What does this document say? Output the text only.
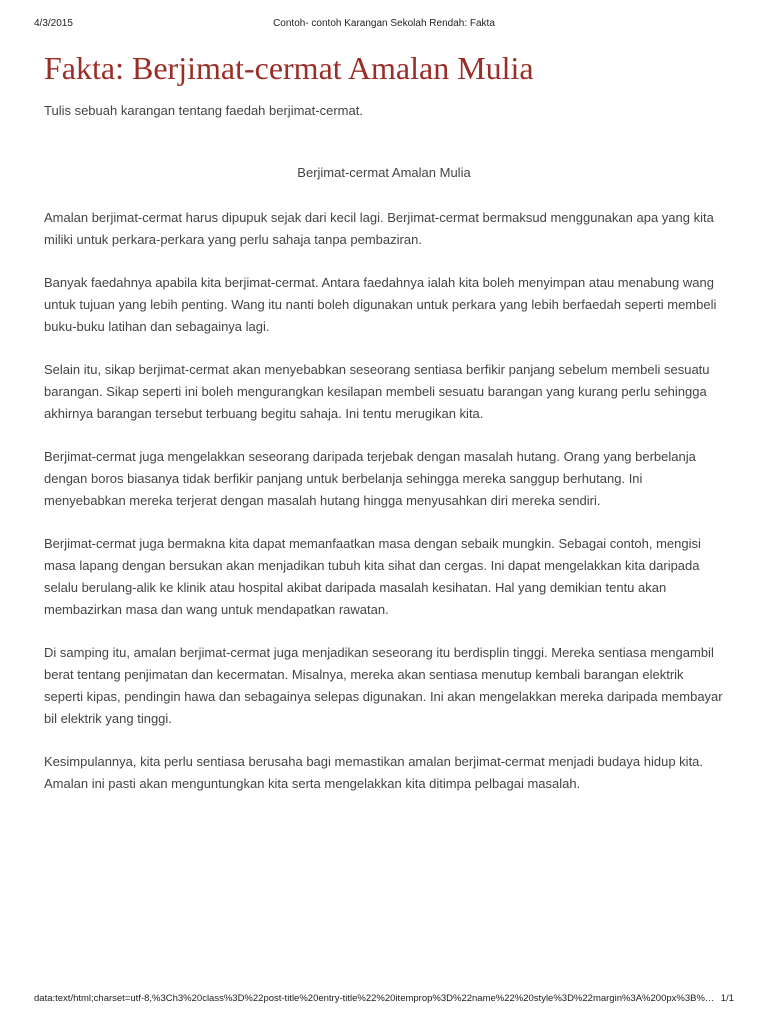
4/3/2015	Contoh- contoh Karangan Sekolah Rendah: Fakta
Fakta: Berjimat-cermat Amalan Mulia

Tulis sebuah karangan tentang faedah berjimat-cermat.

Berjimat-cermat Amalan Mulia

Amalan berjimat-cermat harus dipupuk sejak dari kecil lagi. Berjimat-cermat bermaksud menggunakan apa yang kita miliki untuk perkara-perkara yang perlu sahaja tanpa pembaziran.

Banyak faedahnya apabila kita berjimat-cermat. Antara faedahnya ialah kita boleh menyimpan atau menabung wang untuk tujuan yang lebih penting. Wang itu nanti boleh digunakan untuk perkara yang lebih berfaedah seperti membeli buku-buku latihan dan sebagainya lagi.

Selain itu, sikap berjimat-cermat akan menyebabkan seseorang sentiasa berfikir panjang sebelum membeli sesuatu barangan. Sikap seperti ini boleh mengurangkan kesilapan membeli sesuatu barangan yang kurang perlu sehingga akhirnya barangan tersebut terbuang begitu sahaja. Ini tentu merugikan kita.

Berjimat-cermat juga mengelakkan seseorang daripada terjebak dengan masalah hutang. Orang yang berbelanja dengan boros biasanya tidak berfikir panjang untuk berbelanja sehingga mereka sanggup berhutang. Ini menyebabkan mereka terjerat dengan masalah hutang hingga menyusahkan diri mereka sendiri.

Berjimat-cermat juga bermakna kita dapat memanfaatkan masa dengan sebaik mungkin. Sebagai contoh, mengisi masa lapang dengan bersukan akan menjadikan tubuh kita sihat dan cergas. Ini dapat mengelakkan kita daripada selalu berulang-alik ke klinik atau hospital akibat daripada masalah kesihatan. Hal yang demikian tentu akan membazirkan masa dan wang untuk mendapatkan rawatan.

Di samping itu, amalan berjimat-cermat juga menjadikan seseorang itu berdisplin tinggi. Mereka sentiasa mengambil berat tentang penjimatan dan kecermatan. Misalnya, mereka akan sentiasa menutup kembali barangan elektrik seperti kipas, pendingin hawa dan sebagainya selepas digunakan. Ini akan mengelakkan mereka daripada membayar bil elektrik yang tinggi.

Kesimpulannya, kita perlu sentiasa berusaha bagi memastikan amalan berjimat-cermat menjadi budaya hidup kita. Amalan ini pasti akan menguntungkan kita serta mengelakkan kita ditimpa pelbagai masalah.

data:text/html;charset=utf-8,%3Ch3%20class%3D%22post-title%20entry-title%22%20itemprop%3D%22name%22%20style%3D%22margin%3A%200px%3B%… 1/1
